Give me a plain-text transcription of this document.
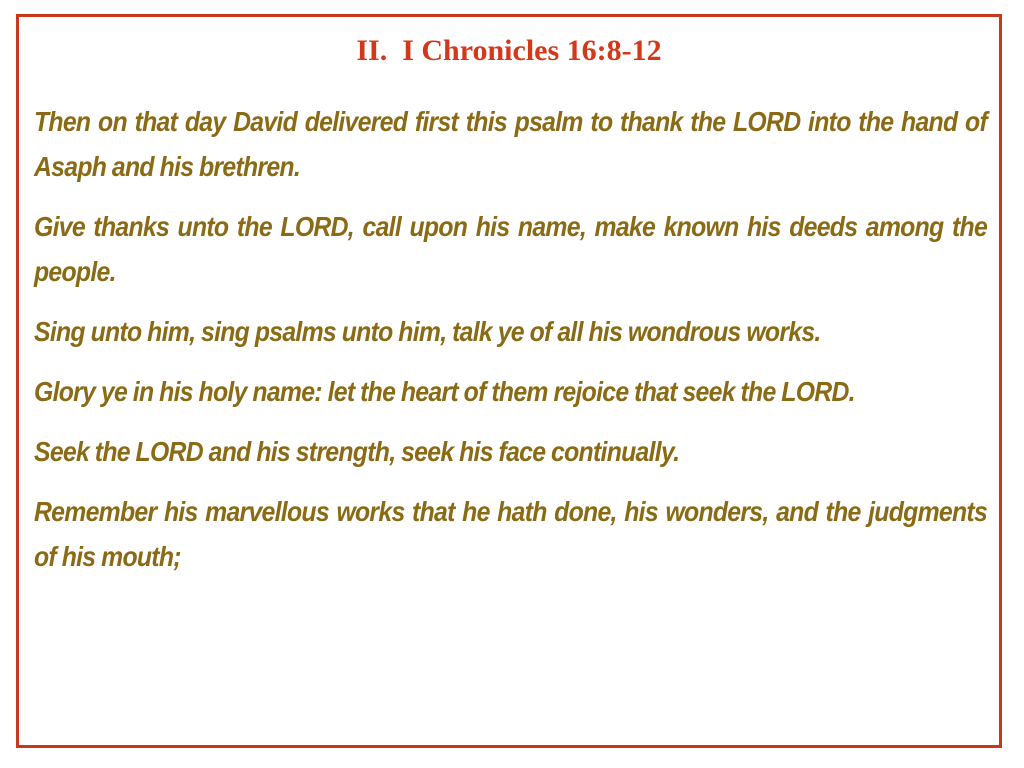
II.  I Chronicles 16:8-12

Then on that day David delivered first this psalm to thank the LORD into the hand of Asaph and his brethren.

Give thanks unto the LORD, call upon his name, make known his deeds among the people.

Sing unto him, sing psalms unto him, talk ye of all his wondrous works.

Glory ye in his holy name: let the heart of them rejoice that seek the LORD.

Seek the LORD and his strength, seek his face continually.

Remember his marvellous works that he hath done, his wonders, and the judgments of his mouth;
